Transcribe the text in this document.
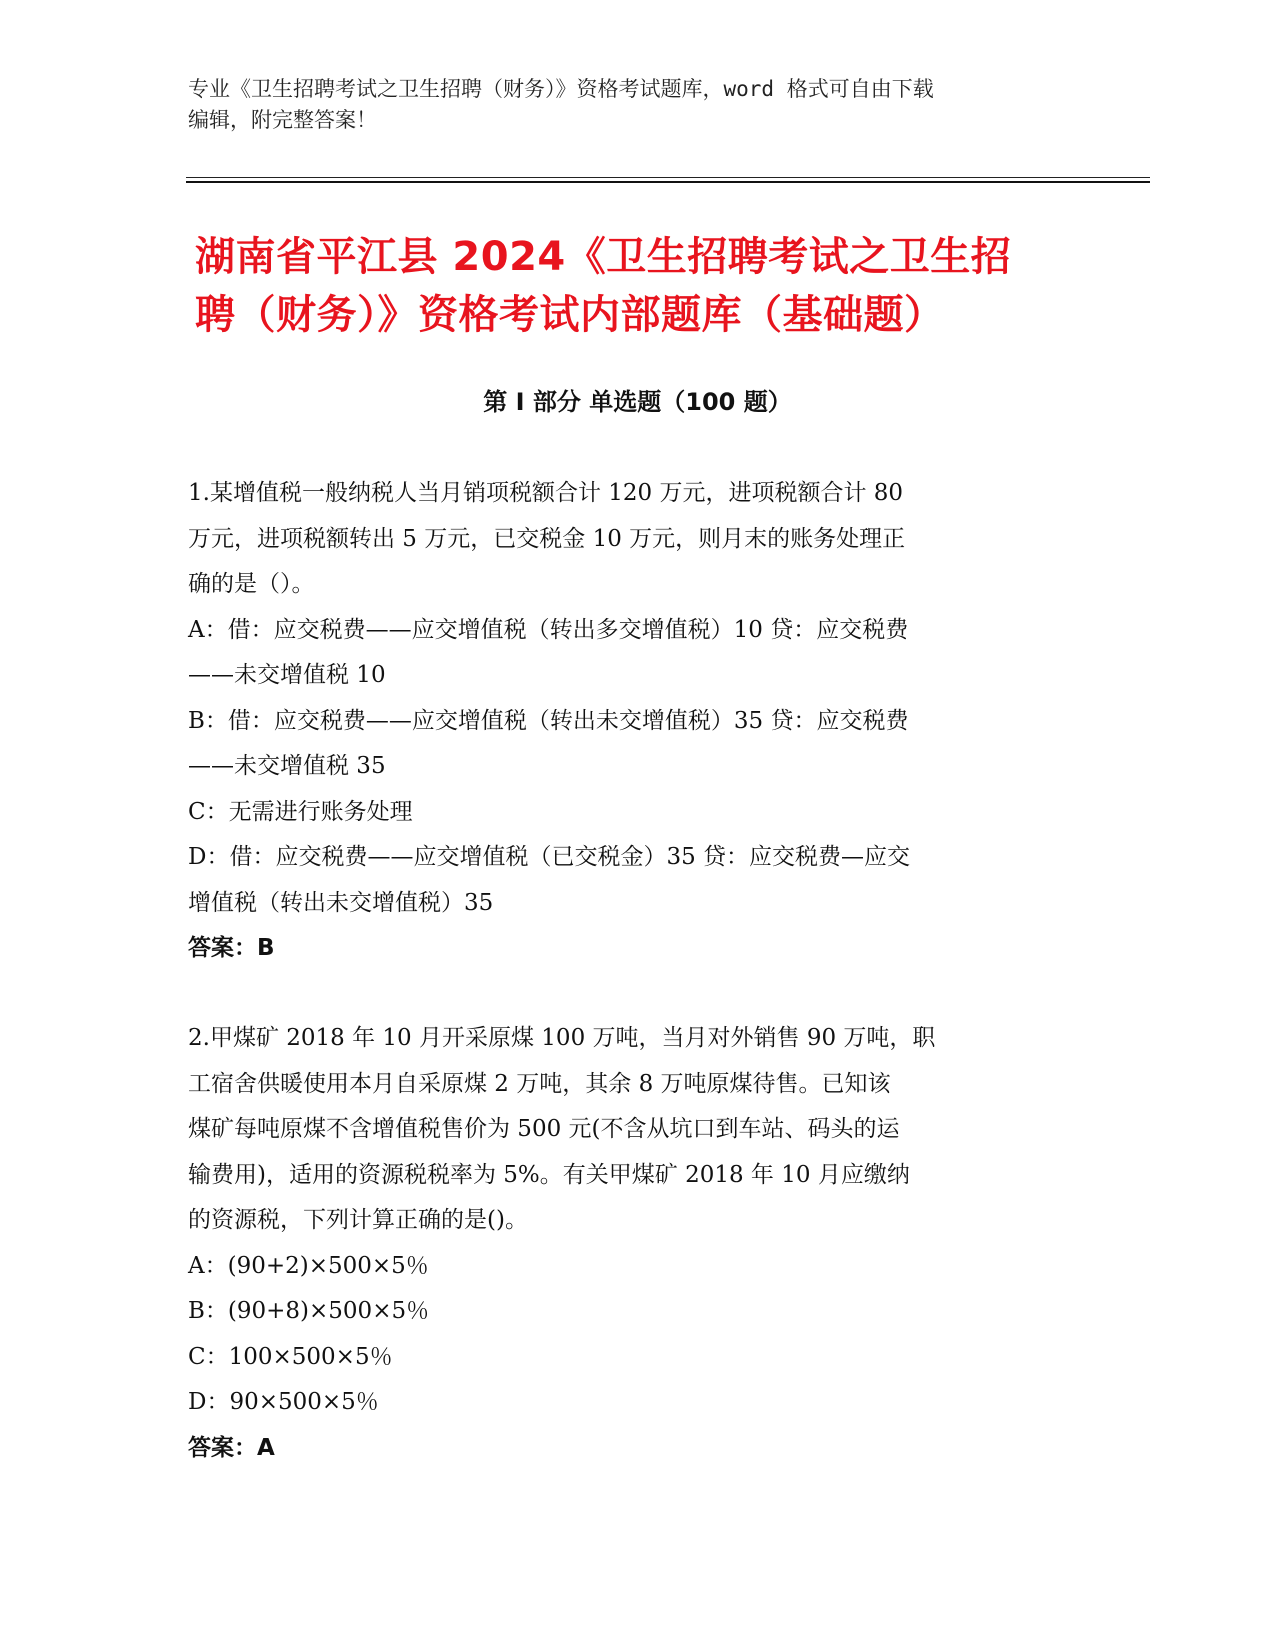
专业《卫生招聘考试之卫生招聘（财务）》资格考试题库，word 格式可自由下载
编辑，附完整答案！
湖南省平江县 2024《卫生招聘考试之卫生招
聘（财务）》资格考试内部题库（基础题）
第 I 部分 单选题（100 题）
1.某增值税一般纳税人当月销项税额合计 120 万元，进项税额合计 80
万元，进项税额转出 5 万元，已交税金 10 万元，则月末的账务处理正
确的是（）。
A：借：应交税费——应交增值税（转出多交增值税）10 贷：应交税费
——未交增值税 10
B：借：应交税费——应交增值税（转出未交增值税）35 贷：应交税费
——未交增值税 35
C：无需进行账务处理
D：借：应交税费——应交增值税（已交税金）35 贷：应交税费—应交
增值税（转出未交增值税）35
答案：B
2.甲煤矿 2018 年 10 月开采原煤 100 万吨，当月对外销售 90 万吨，职
工宿舍供暖使用本月自采原煤 2 万吨，其余 8 万吨原煤待售。已知该
煤矿每吨原煤不含增值税售价为 500 元(不含从坑口到车站、码头的运
输费用)，适用的资源税税率为 5%。有关甲煤矿 2018 年 10 月应缴纳
的资源税，下列计算正确的是()。
A：(90+2)×500×5％
B：(90+8)×500×5％
C：100×500×5％
D：90×500×5％
答案：A
